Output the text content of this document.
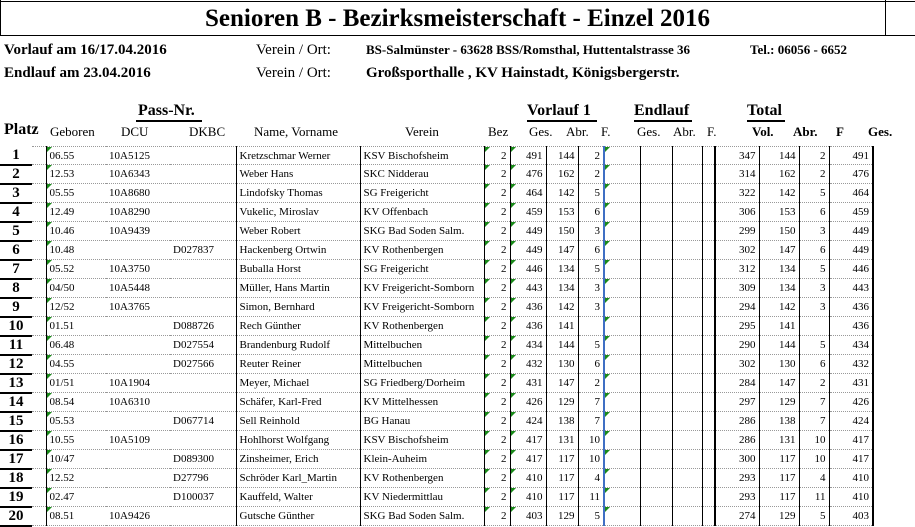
Senioren B - Bezirksmeisterschaft - Einzel 2016
Vorlauf am 16/17.04.2016	Verein / Ort:	BS-Salmünster - 63628 BSS/Romsthal, Huttentalstrasse 36	Tel.: 06056 - 6652
Endlauf am 23.04.2016	Verein / Ort: Großsporthalle , KV Hainstadt, Königsbergerstr.
Pass-Nr.	Vorlauf 1	Endlauf	Total
Platz Geboren DCU	DKBC Name, Vorname	Verein	Bez Ges. Abr. F. Ges. Abr. F.	Vol. Abr. F Ges.
1		06.55	10A5125		Kretzschmar Werner	KSV Bischofsheim	2	491	144	2					347	144	2	491
2		12.53	10A6343		Weber Hans	SKC Nidderau	2	476	162	2					314	162	2	476
3		05.55	10A8680		Lindofsky Thomas	SG Freigericht	2	464	142	5					322	142	5	464
4		12.49	10A8290		Vukelic, Miroslav	KV Offenbach	2	459	153	6					306	153	6	459
5		10.46	10A9439		Weber Robert	SKG Bad Soden Salm.	2	449	150	3					299	150	3	449
6		10.48		D027837	Hackenberg Ortwin	KV Rothenbergen	2	449	147	6					302	147	6	449
7		05.52	10A3750		Buballa Horst	SG Freigericht	2	446	134	5					312	134	5	446
8		04/50	10A5448		Müller, Hans Martin	KV Freigericht-Somborn	2	443	134	3					309	134	3	443
9		12/52	10A3765		Simon, Bernhard	KV Freigericht-Somborn	2	436	142	3					294	142	3	436
10		01.51		D088726	Rech Günther	KV Rothenbergen	2	436	141						295	141		436
11		06.48		D027554	Brandenburg Rudolf	Mittelbuchen	2	434	144	5					290	144	5	434
12		04.55		D027566	Reuter Reiner	Mittelbuchen	2	432	130	6					302	130	6	432
13		01/51	10A1904		Meyer, Michael	SG Friedberg/Dorheim	2	431	147	2					284	147	2	431
14		08.54	10A6310		Schäfer, Karl-Fred	KV Mittelhessen	2	426	129	7					297	129	7	426
15		05.53		D067714	Sell Reinhold	BG Hanau	2	424	138	7					286	138	7	424
16		10.55	10A5109		Hohlhorst Wolfgang	KSV Bischofsheim	2	417	131	10					286	131	10	417
17		10/47		D089300	Zinsheimer, Erich	Klein-Auheim	2	417	117	10					300	117	10	417
18		12.52		D27796	Schröder Karl_Martin	KV Rothenbergen	2	410	117	4					293	117	4	410
19		02.47		D100037	Kauffeld, Walter	KV Niedermittlau	2	410	117	11					293	117	11	410
20		08.51	10A9426		Gutsche Günther	SKG Bad Soden Salm.	2	403	129	5					274	129	5	403
